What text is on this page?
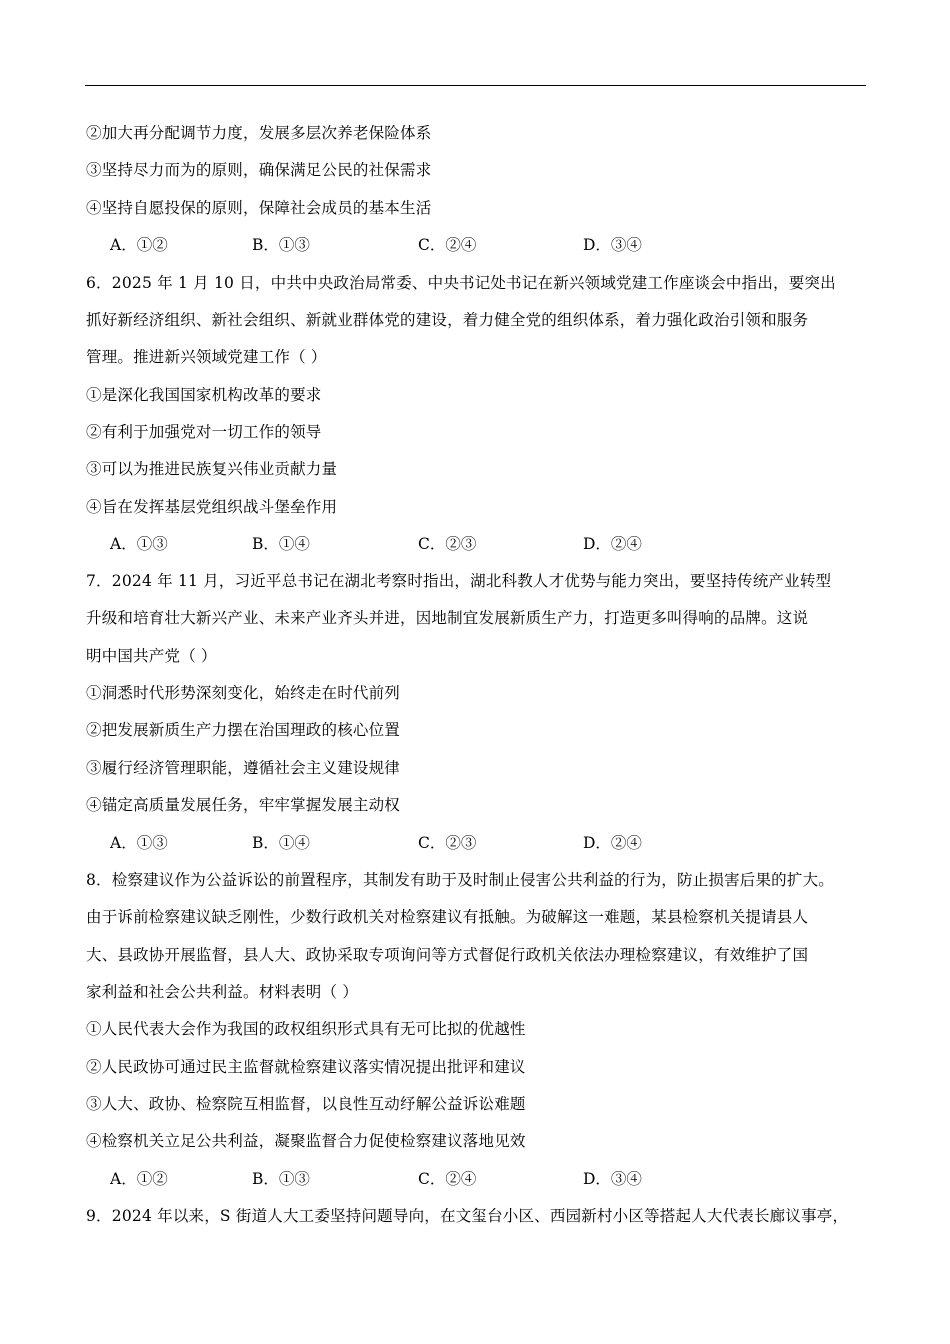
②加大再分配调节力度，发展多层次养老保险体系
③坚持尽力而为的原则，确保满足公民的社保需求
④坚持自愿投保的原则，保障社会成员的基本生活
A．①②	B．①③	C．②④	D．③④
6．2025 年 1 月 10 日，中共中央政治局常委、中央书记处书记在新兴领域党建工作座谈会中指出，要突出
抓好新经济组织、新社会组织、新就业群体党的建设，着力健全党的组织体系，着力强化政治引领和服务
管理。推进新兴领域党建工作（ ）
①是深化我国国家机构改革的要求
②有利于加强党对一切工作的领导
③可以为推进民族复兴伟业贡献力量
④旨在发挥基层党组织战斗堡垒作用
A．①③	B．①④	C．②③	D．②④
7．2024 年 11 月，习近平总书记在湖北考察时指出，湖北科教人才优势与能力突出，要坚持传统产业转型
升级和培育壮大新兴产业、未来产业齐头并进，因地制宜发展新质生产力，打造更多叫得响的品牌。这说
明中国共产党（ ）
①洞悉时代形势深刻变化，始终走在时代前列
②把发展新质生产力摆在治国理政的核心位置
③履行经济管理职能，遵循社会主义建设规律
④锚定高质量发展任务，牢牢掌握发展主动权
A．①③	B．①④	C．②③	D．②④
8．检察建议作为公益诉讼的前置程序，其制发有助于及时制止侵害公共利益的行为，防止损害后果的扩大。
由于诉前检察建议缺乏刚性，少数行政机关对检察建议有抵触。为破解这一难题，某县检察机关提请县人
大、县政协开展监督，县人大、政协采取专项询问等方式督促行政机关依法办理检察建议，有效维护了国
家利益和社会公共利益。材料表明（ ）
①人民代表大会作为我国的政权组织形式具有无可比拟的优越性
②人民政协可通过民主监督就检察建议落实情况提出批评和建议
③人大、政协、检察院互相监督，以良性互动纾解公益诉讼难题
④检察机关立足公共利益，凝聚监督合力促使检察建议落地见效
A．①②	B．①③	C．②④	D．③④
9．2024 年以来，S 街道人大工委坚持问题导向，在文玺台小区、西园新村小区等搭起人大代表长廊议事亭，
